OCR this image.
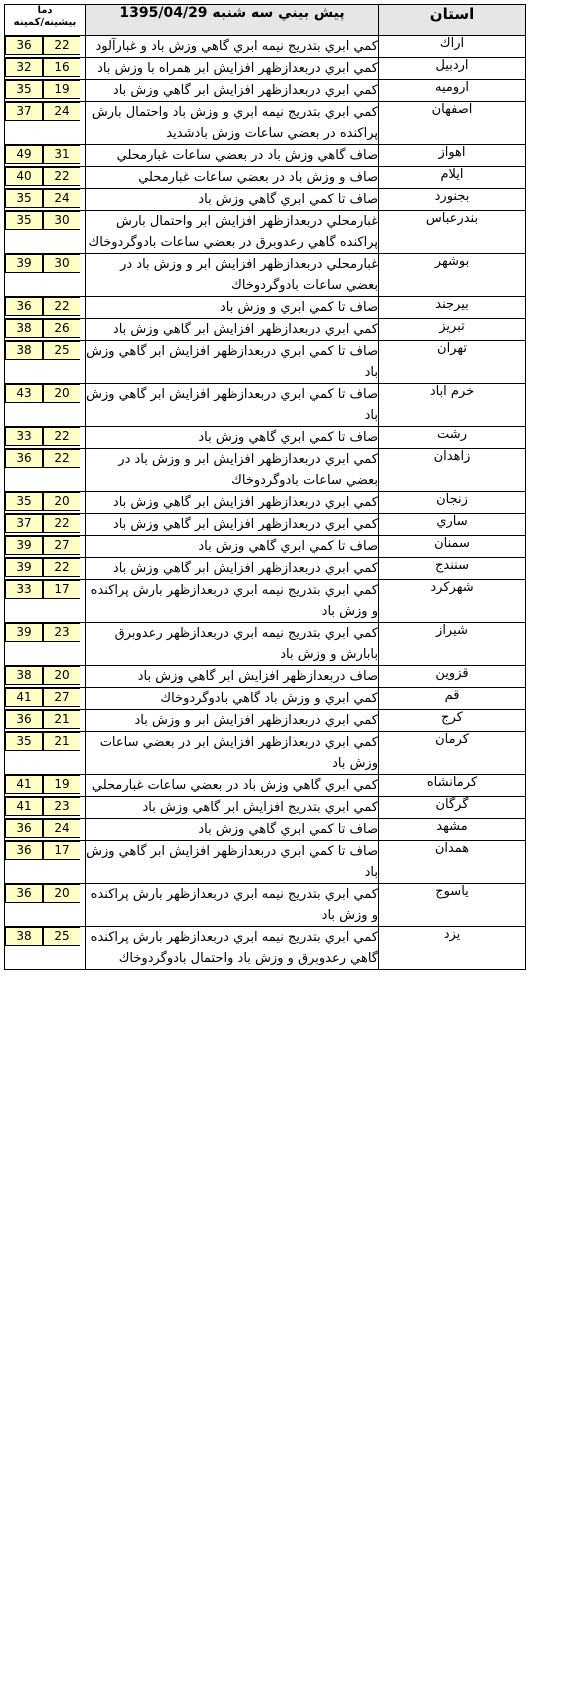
استان	پيش بيني سه شنبه 1395/04/29	دما
بيشينه/كمينه

اراك	كمي ابري بتدريج نيمه ابري گاهي وزش باد و غبارآلود	36 22

اردبيل	كمي ابري دربعدازظهر افزايش ابر همراه با وزش باد	32 16

اروميه	كمي ابري دربعدازظهر افزايش ابر گاهي وزش باد	35 19

اصفهان	كمي ابري بتدريج نيمه ابري و وزش باد واحتمال بارش پراكنده در بعضي ساعات وزش بادشديد	37 24

اهواز	صاف گاهي وزش باد در بعضي ساعات غبارمحلي	49 31

ايلام	صاف و وزش باد در بعضي ساعات غبارمحلي	40 22

بجنورد	صاف تا كمي ابري گاهي وزش باد	35 24

بندرعباس	غبارمحلي دربعدازظهر افزايش ابر واحتمال بارش پراكنده گاهي رعدوبرق در بعضي ساعات بادوگردوخاك	35 30

بوشهر	غبارمحلي دربعدازظهر افزايش ابر و وزش باد در بعضي ساعات بادوگردوخاك	39 30

بيرجند	صاف تا كمي ابري و وزش باد	36 22

تبريز	كمي ابري دربعدازظهر افزايش ابر گاهي وزش باد	38 26

تهران	صاف تا كمي ابري دربعدازظهر افزايش ابر گاهي وزش باد	38 25

خرم اباد	صاف تا كمي ابري دربعدازظهر افزايش ابر گاهي وزش باد	43 20

رشت	صاف تا كمي ابري گاهي وزش باد	33 22

زاهدان	كمي ابري دربعدازظهر افزايش ابر و وزش باد در بعضي ساعات بادوگردوخاك	36 22

زنجان	كمي ابري دربعدازظهر افزايش ابر گاهي وزش باد	35 20

ساري	كمي ابري دربعدازظهر افزايش ابر گاهي وزش باد	37 22

سمنان	صاف تا كمي ابري گاهي وزش باد	39 27

سنندج	كمي ابري دربعدازظهر افزايش ابر گاهي وزش باد	39 22

شهركرد	كمي ابري بتدريج نيمه ابري دربعدازظهر بارش پراكنده و وزش باد	33 17

شيراز	كمي ابري بتدريج نيمه ابري دربعدازظهر رعدوبرق بابارش و وزش باد	39 23

قزوين	صاف دربعدازظهر افزايش ابر گاهي وزش باد	38 20

قم	كمي ابري و وزش باد گاهي بادوگردوخاك	41 27

كرج	كمي ابري دربعدازظهر افزايش ابر و وزش باد	36 21

كرمان	كمي ابري دربعدازظهر افزايش ابر در بعضي ساعات وزش باد	35 21

كرمانشاه	كمي ابري گاهي وزش باد در بعضي ساعات غبارمحلي	41 19

گرگان	كمي ابري بتدريج افزايش ابر گاهي وزش باد	41 23

مشهد	صاف تا كمي ابري گاهي وزش باد	36 24

همدان	صاف تا كمي ابري دربعدازظهر افزايش ابر گاهي وزش باد	36 17

ياسوج	كمي ابري بتدريج نيمه ابري دربعدازظهر بارش پراكنده و وزش باد	36 20

يزد	كمي ابري بتدريج نيمه ابري دربعدازظهر بارش پراكنده گاهي رعدوبرق و وزش باد واحتمال بادوگردوخاك	38 25
